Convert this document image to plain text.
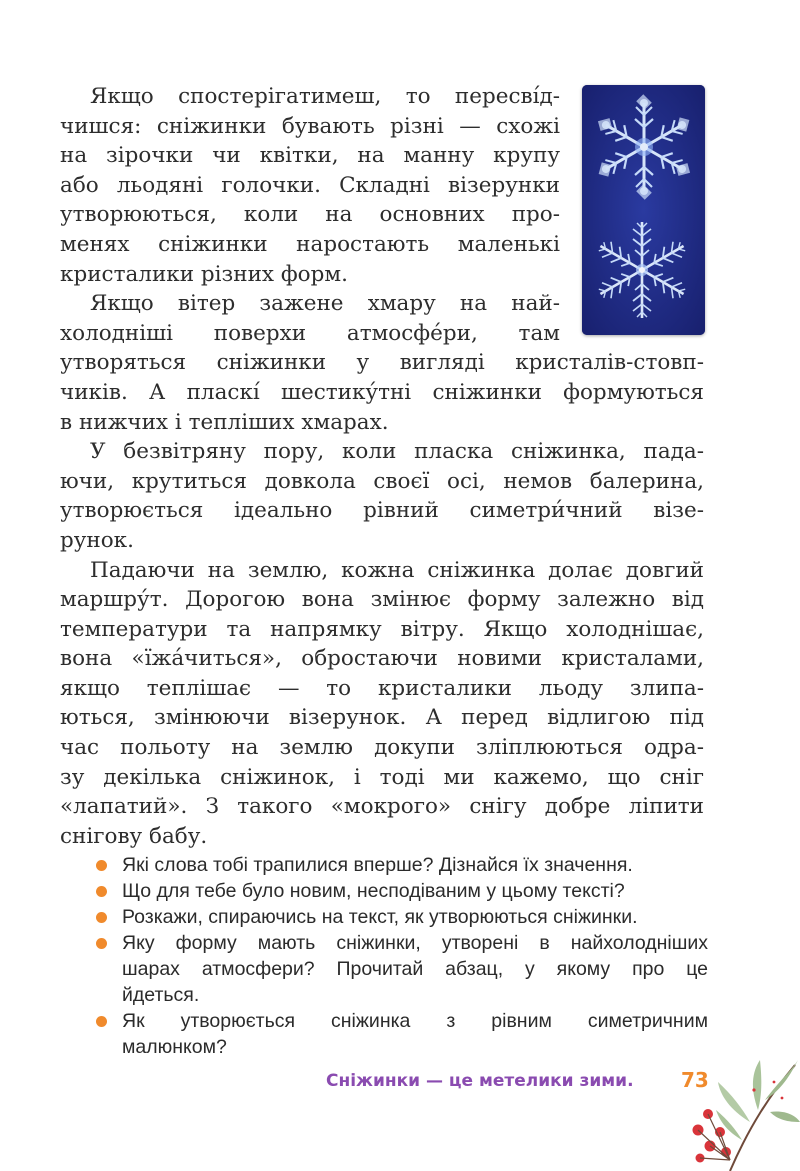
Якщо спостерігатимеш, то пересві́д-
чишся: сніжинки бувають різні — схожі
на зірочки чи квітки, на манну крупу
або льодяні голочки. Складні візерунки
утворюються, коли на основних про-
менях сніжинки наростають маленькі
кристалики різних форм.
Якщо вітер зажене хмару на най-
холодніші поверхи атмосфе́ри, там
утворяться сніжинки у вигляді кристалів-стовп-
чиків. А пласкі́ шестику́тні сніжинки формуються
в нижчих і тепліших хмарах.
У безвітряну пору, коли пласка сніжинка, пада-
ючи, крутиться довкола своєї осі, немов балерина,
утворюється ідеально рівний симетри́чний візе-
рунок.
Падаючи на землю, кожна сніжинка долає довгий
маршру́т. Дорогою вона змінює форму залежно від
температури та напрямку вітру. Якщо холоднішає,
вона «їжа́читься», обростаючи новими кристалами,
якщо теплішає — то кристалики льоду злипа-
ються, змінюючи візерунок. А перед відлигою під
час польоту на землю докупи зліплюються одра-
зу декілька сніжинок, і тоді ми кажемо, що сніг
«лапатий». З такого «мокрого» снігу добре ліпити
снігову бабу.
Які слова тобі трапилися вперше? Дізнайся їх значення.
Що для тебе було новим, несподіваним у цьому тексті?
Розкажи, спираючись на текст, як утворюються сніжинки.
Яку форму мають сніжинки, утворені в найхолодніших
шарах атмосфери? Прочитай абзац, у якому про це
йдеться.
Як утворюється сніжинка з рівним симетричним
малюнком?
Сніжинки — це метелики зими. 73
